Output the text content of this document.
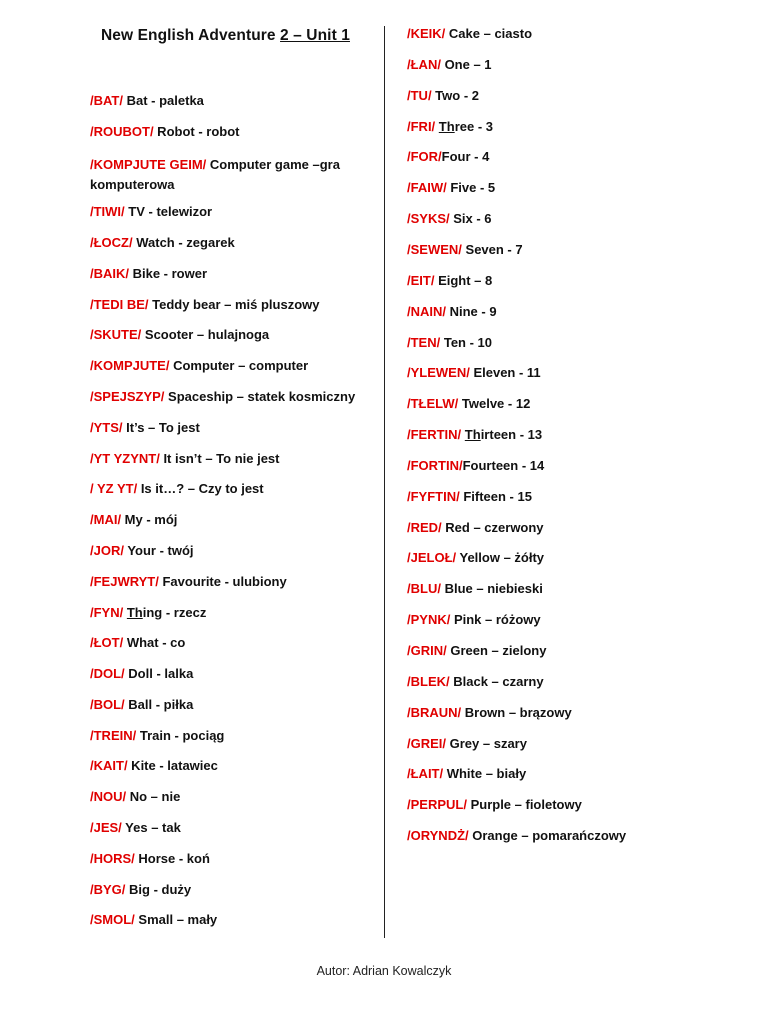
New English Adventure 2 – Unit 1
/BAT/ Bat - paletka
/ROUBOT/ Robot - robot
/KOMPJUTE GEIM/ Computer game –gra komputerowa
/TIWI/ TV - telewizor
/ŁOCZ/ Watch - zegarek
/BAIK/ Bike - rower
/TEDI BE/ Teddy bear – miś pluszowy
/SKUTE/ Scooter – hulajnoga
/KOMPJUTE/ Computer – computer
/SPEJSZYP/ Spaceship – statek kosmiczny
/YTS/ It’s – To jest
/YT YZYNT/ It isn’t – To nie jest
/ YZ YT/ Is it…? – Czy to jest
/MAI/ My - mój
/JOR/ Your - twój
/FEJWRYT/ Favourite - ulubiony
/FYN/ Thing - rzecz
/ŁOT/ What - co
/DOL/ Doll - lalka
/BOL/ Ball - piłka
/TREIN/ Train - pociąg
/KAIT/ Kite - latawiec
/NOU/ No – nie
/JES/ Yes – tak
/HORS/ Horse - koń
/BYG/ Big - duży
/SMOL/ Small – mały
/KEIK/ Cake – ciasto
/ŁAN/ One – 1
/TU/ Two - 2
/FRI/ Three - 3
/FOR/Four - 4
/FAIW/ Five - 5
/SYKS/ Six - 6
/SEWEN/ Seven - 7
/EIT/ Eight – 8
/NAIN/ Nine - 9
/TEN/ Ten - 10
/YLEWEN/ Eleven - 11
/TŁELW/ Twelve - 12
/FERTIN/ Thirteen - 13
/FORTIN/Fourteen - 14
/FYFTIN/ Fifteen - 15
/RED/ Red – czerwony
/JELOŁ/ Yellow – żółty
/BLU/ Blue – niebieski
/PYNK/ Pink – różowy
/GRIN/ Green – zielony
/BLEK/ Black – czarny
/BRAUN/ Brown – brązowy
/GREI/ Grey – szary
/ŁAIT/ White – biały
/PERPUL/ Purple – fioletowy
/ORYNDŻ/ Orange – pomarańczowy
Autor: Adrian Kowalczyk
